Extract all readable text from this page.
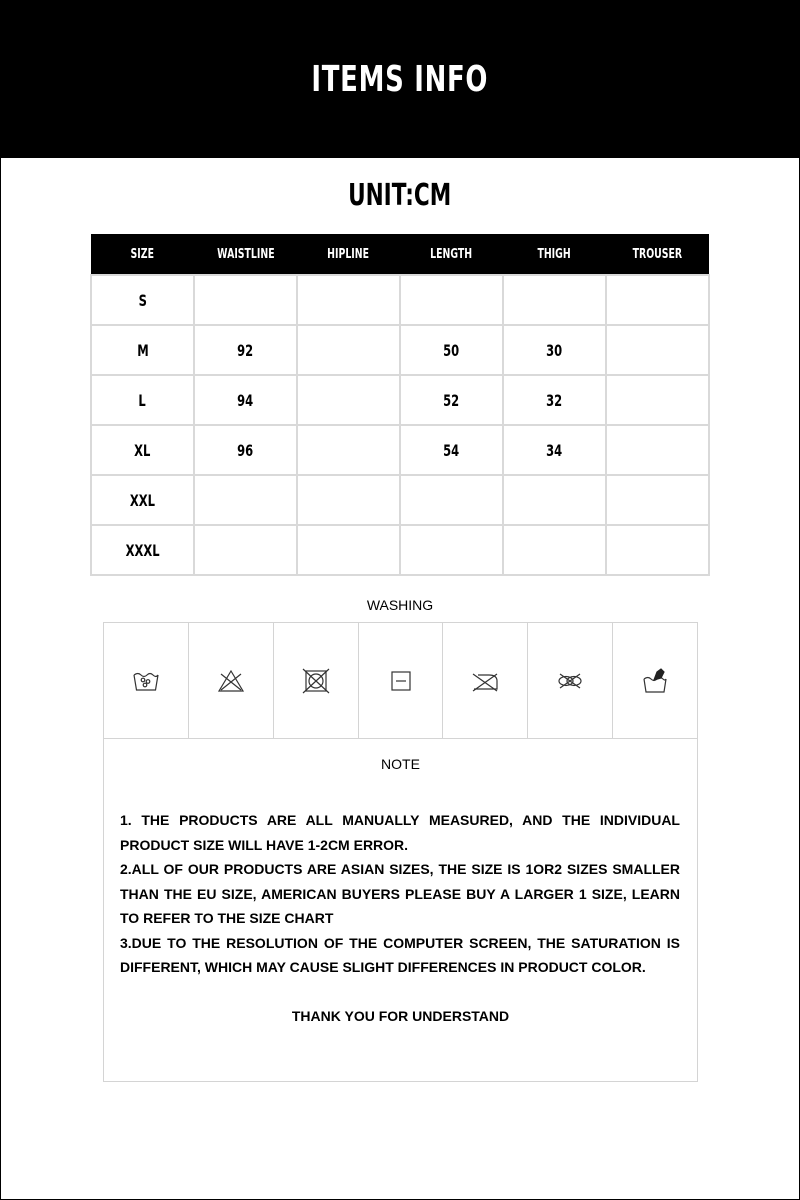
ITEMS INFO
UNIT:CM
SIZE	WAISTLINE	HIPLINE	LENGTH	THIGH	TROUSER
S					
M	92		50	30	
L	94		52	32	
XL	96		54	34	
XXL					
XXXL					
WASHING
NOTE

1. THE PRODUCTS ARE ALL MANUALLY MEASURED, AND THE INDIVIDUAL PRODUCT SIZE WILL HAVE 1-2CM ERROR.

2.ALL OF OUR PRODUCTS ARE ASIAN SIZES, THE SIZE IS 1OR2 SIZES SMALLER THAN THE EU SIZE, AMERICAN BUYERS PLEASE BUY A LARGER 1 SIZE, LEARN TO REFER TO THE SIZE CHART

3.DUE TO THE RESOLUTION OF THE COMPUTER SCREEN, THE SATURATION IS DIFFERENT, WHICH MAY CAUSE SLIGHT DIFFERENCES IN PRODUCT COLOR.

THANK YOU FOR UNDERSTAND
